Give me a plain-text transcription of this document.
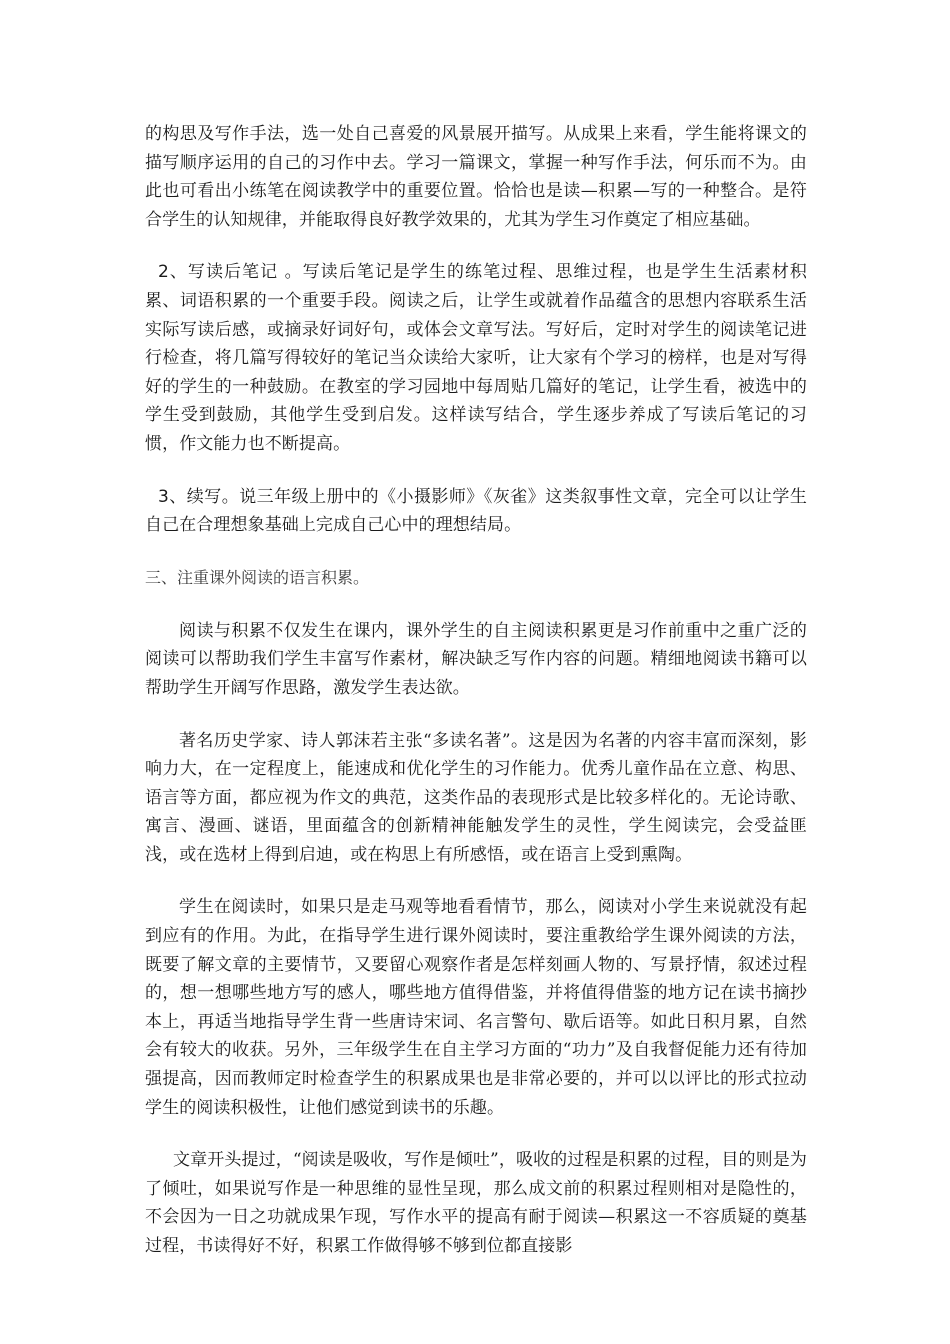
的构思及写作手法，选一处自己喜爱的风景展开描写。从成果上来看，学生能将课文的描写顺序运用的自己的习作中去。学习一篇课文，掌握一种写作手法，何乐而不为。由此也可看出小练笔在阅读教学中的重要位置。恰恰也是读—积累—写的一种整合。是符合学生的认知规律，并能取得良好教学效果的，尤其为学生习作奠定了相应基础。

2、写读后笔记 。写读后笔记是学生的练笔过程、思维过程，也是学生生活素材积累、词语积累的一个重要手段。阅读之后，让学生或就着作品蕴含的思想内容联系生活实际写读后感，或摘录好词好句，或体会文章写法。写好后，定时对学生的阅读笔记进行检查，将几篇写得较好的笔记当众读给大家听，让大家有个学习的榜样，也是对写得好的学生的一种鼓励。在教室的学习园地中每周贴几篇好的笔记，让学生看，被选中的学生受到鼓励，其他学生受到启发。这样读写结合，学生逐步养成了写读后笔记的习惯，作文能力也不断提高。

3、续写。说三年级上册中的《小摄影师》《灰雀》这类叙事性文章，完全可以让学生自己在合理想象基础上完成自己心中的理想结局。

三、注重课外阅读的语言积累。

阅读与积累不仅发生在课内，课外学生的自主阅读积累更是习作前重中之重广泛的阅读可以帮助我们学生丰富写作素材，解决缺乏写作内容的问题。精细地阅读书籍可以帮助学生开阔写作思路，激发学生表达欲。

著名历史学家、诗人郭沫若主张“多读名著”。这是因为名著的内容丰富而深刻，影响力大，在一定程度上，能速成和优化学生的习作能力。优秀儿童作品在立意、构思、语言等方面，都应视为作文的典范，这类作品的表现形式是比较多样化的。无论诗歌、寓言、漫画、谜语，里面蕴含的创新精神能触发学生的灵性，学生阅读完，会受益匪浅，或在选材上得到启迪，或在构思上有所感悟，或在语言上受到熏陶。

学生在阅读时，如果只是走马观等地看看情节，那么，阅读对小学生来说就没有起到应有的作用。为此，在指导学生进行课外阅读时，要注重教给学生课外阅读的方法，既要了解文章的主要情节，又要留心观察作者是怎样刻画人物的、写景抒情，叙述过程的，想一想哪些地方写的感人，哪些地方值得借鉴，并将值得借鉴的地方记在读书摘抄本上，再适当地指导学生背一些唐诗宋词、名言警句、歇后语等。如此日积月累，自然会有较大的收获。另外，三年级学生在自主学习方面的“功力”及自我督促能力还有待加强提高，因而教师定时检查学生的积累成果也是非常必要的，并可以以评比的形式拉动学生的阅读积极性，让他们感觉到读书的乐趣。

文章开头提过，“阅读是吸收，写作是倾吐”，吸收的过程是积累的过程，目的则是为了倾吐，如果说写作是一种思维的显性呈现，那么成文前的积累过程则相对是隐性的，不会因为一日之功就成果乍现，写作水平的提高有耐于阅读—积累这一不容质疑的奠基过程，书读得好不好，积累工作做得够不够到位都直接影
